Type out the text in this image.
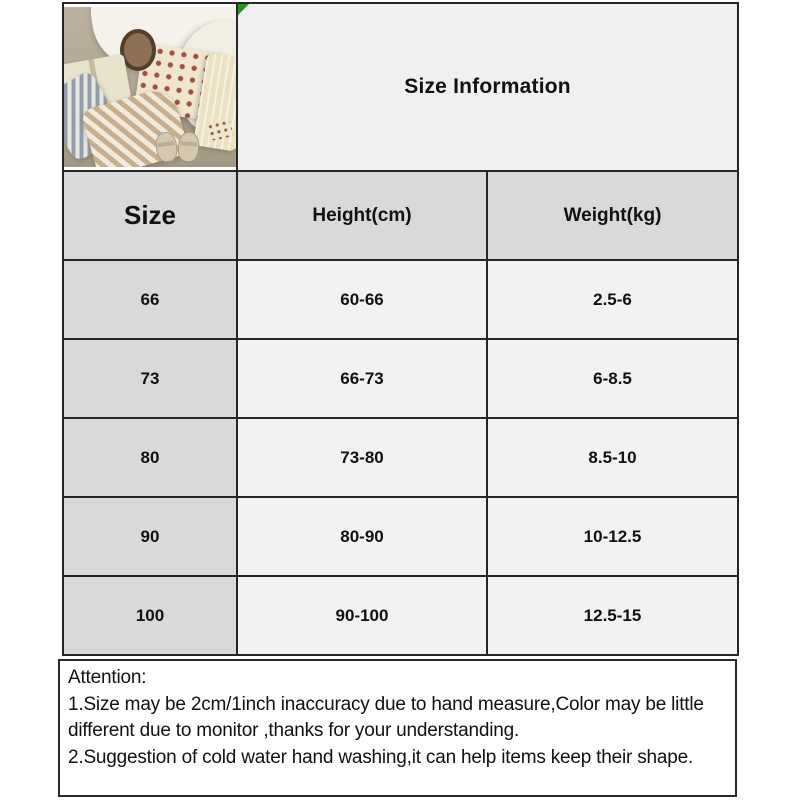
Size Information	
Size	Height(cm)	Weight(kg)
66	60-66	2.5-6
73	66-73	6-8.5
80	73-80	8.5-10
90	80-90	10-12.5
100	90-100	12.5-15
Attention:
1.Size may be 2cm/1inch inaccuracy due to hand measure,Color may be little different due to monitor ,thanks for your understanding.
2.Suggestion of cold water hand washing,it can help items keep their shape.
